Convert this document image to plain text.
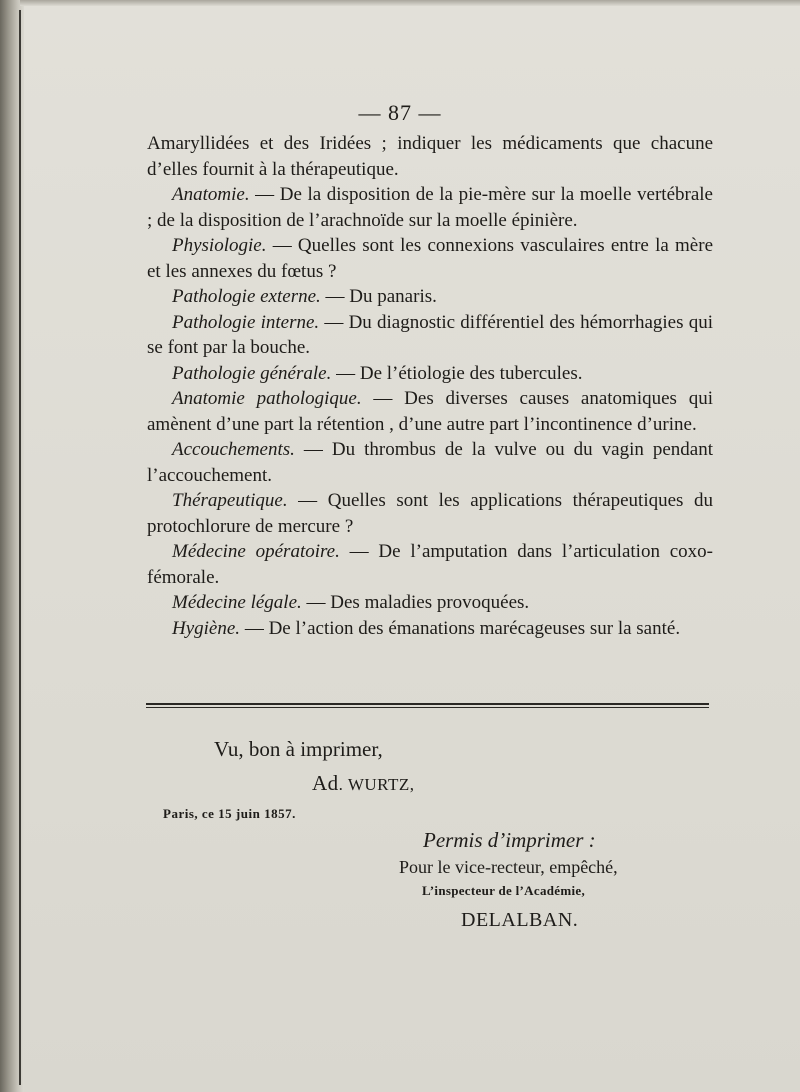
— 87 —

Amaryllidées et des Iridées ; indiquer les médicaments que chacune d’elles fournit à la thérapeutique.

Anatomie. — De la disposition de la pie-mère sur la moelle vertébrale ; de la disposition de l’arachnoïde sur la moelle épinière.

Physiologie. — Quelles sont les connexions vasculaires entre la mère et les annexes du fœtus ?

Pathologie externe. — Du panaris.

Pathologie interne. — Du diagnostic différentiel des hémorrhagies qui se font par la bouche.

Pathologie générale. — De l’étiologie des tubercules.

Anatomie pathologique. — Des diverses causes anatomiques qui amènent d’une part la rétention , d’une autre part l’incontinence d’urine.

Accouchements. — Du thrombus de la vulve ou du vagin pendant l’accouchement.

Thérapeutique. — Quelles sont les applications thérapeutiques du protochlorure de mercure ?

Médecine opératoire. — De l’amputation dans l’articulation coxo-fémorale.

Médecine légale. — Des maladies provoquées.

Hygiène. — De l’action des émanations marécageuses sur la santé.

Vu, bon à imprimer,
Ad. WURTZ,
Paris, ce 15 juin 1857.
Permis d’imprimer :
Pour le vice-recteur, empêché,
L’inspecteur de l’Académie,
DELALBAN.
